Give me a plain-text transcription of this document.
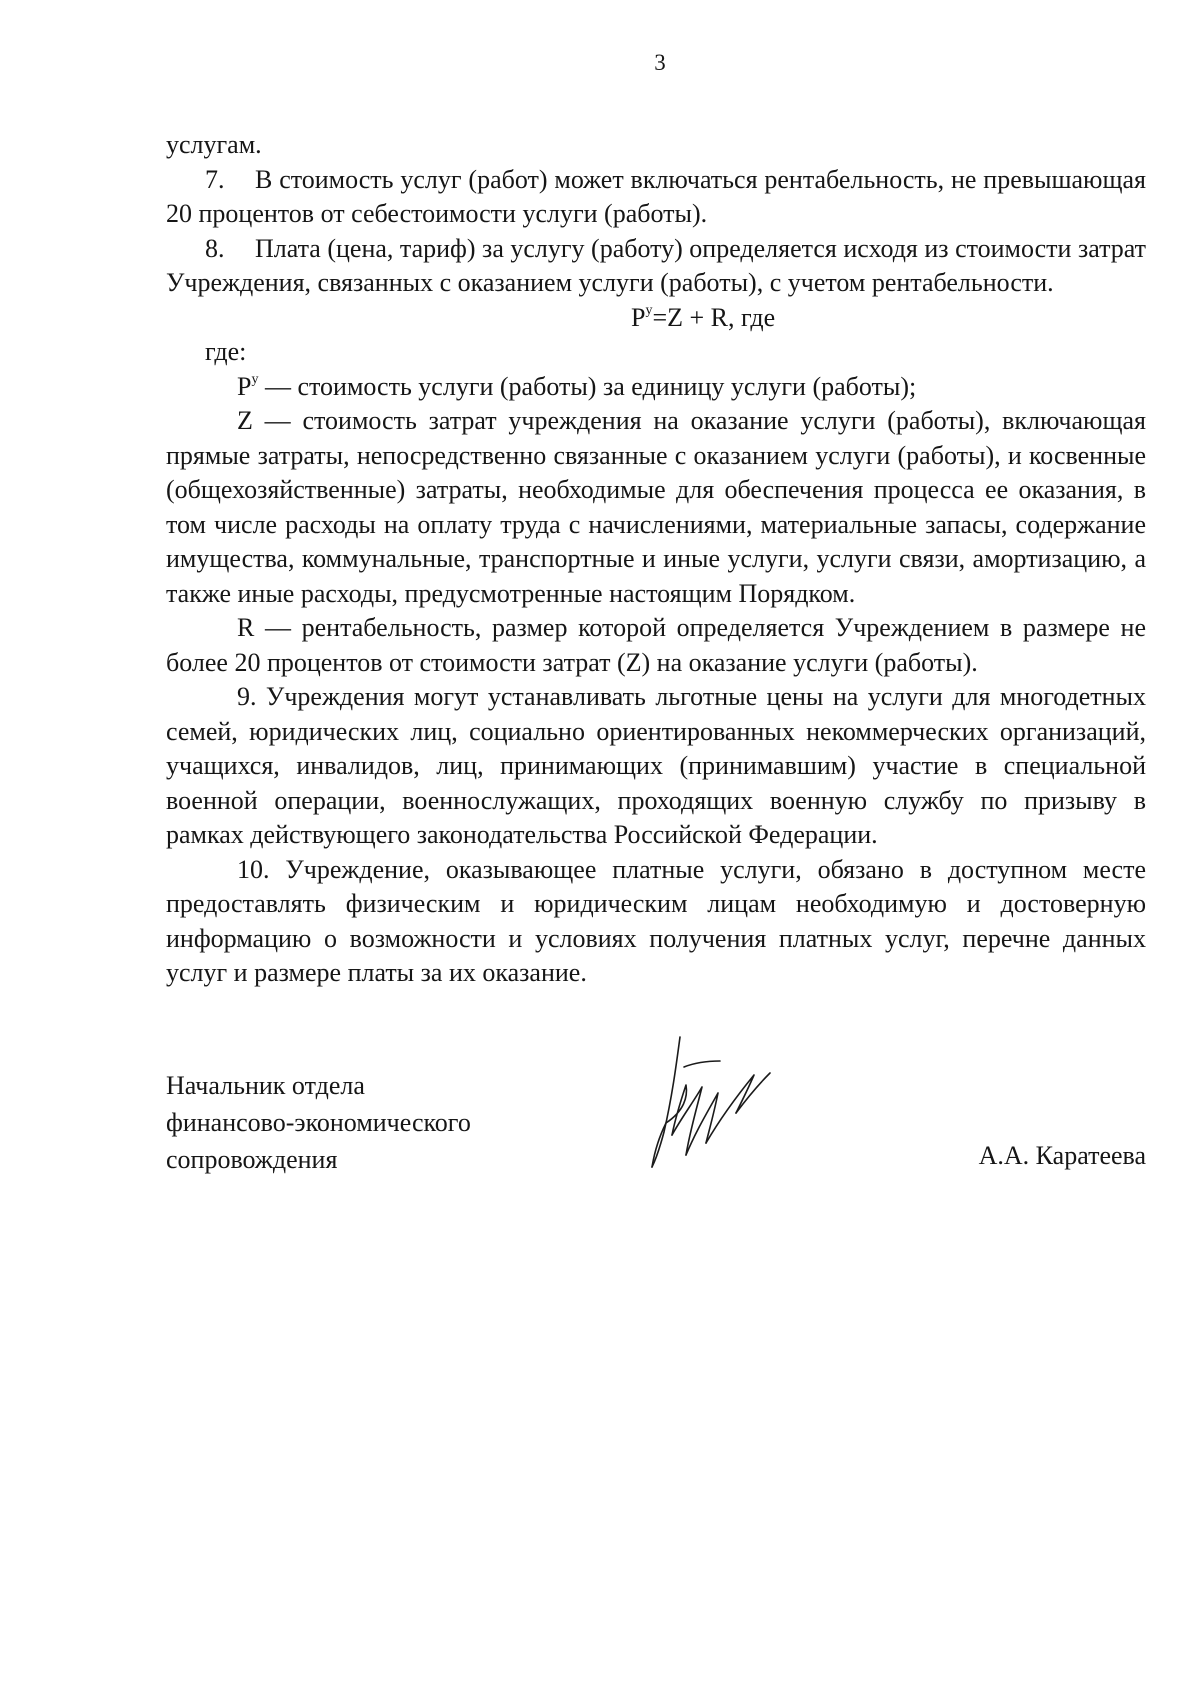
3

услугам.

7. В стоимость услуг (работ) может включаться рентабельность, не превышающая 20 процентов от себестоимости услуги (работы).

8. Плата (цена, тариф) за услугу (работу) определяется исходя из стоимости затрат Учреждения, связанных с оказанием услуги (работы), с учетом рентабельности.

$P^у=Z + R$, где

где:

$P^у$ — стоимость услуги (работы) за единицу услуги (работы);

Z — стоимость затрат учреждения на оказание услуги (работы), включающая прямые затраты, непосредственно связанные с оказанием услуги (работы), и косвенные (общехозяйственные) затраты, необходимые для обеспечения процесса ее оказания, в том числе расходы на оплату труда с начислениями, материальные запасы, содержание имущества, коммунальные, транспортные и иные услуги, услуги связи, амортизацию, а также иные расходы, предусмотренные настоящим Порядком.

R — рентабельность, размер которой определяется Учреждением в размере не более 20 процентов от стоимости затрат (Z) на оказание услуги (работы).

9. Учреждения могут устанавливать льготные цены на услуги для многодетных семей, юридических лиц, социально ориентированных некоммерческих организаций, учащихся, инвалидов, лиц, принимающих (принимавшим) участие в специальной военной операции, военнослужащих, проходящих военную службу по призыву в рамках действующего законодательства Российской Федерации.

10. Учреждение, оказывающее платные услуги, обязано в доступном месте предоставлять физическим и юридическим лицам необходимую и достоверную информацию о возможности и условиях получения платных услуг, перечне данных услуг и размере платы за их оказание.

Начальник отдела
финансово-экономического
сопровождения	А.А. Каратеева
